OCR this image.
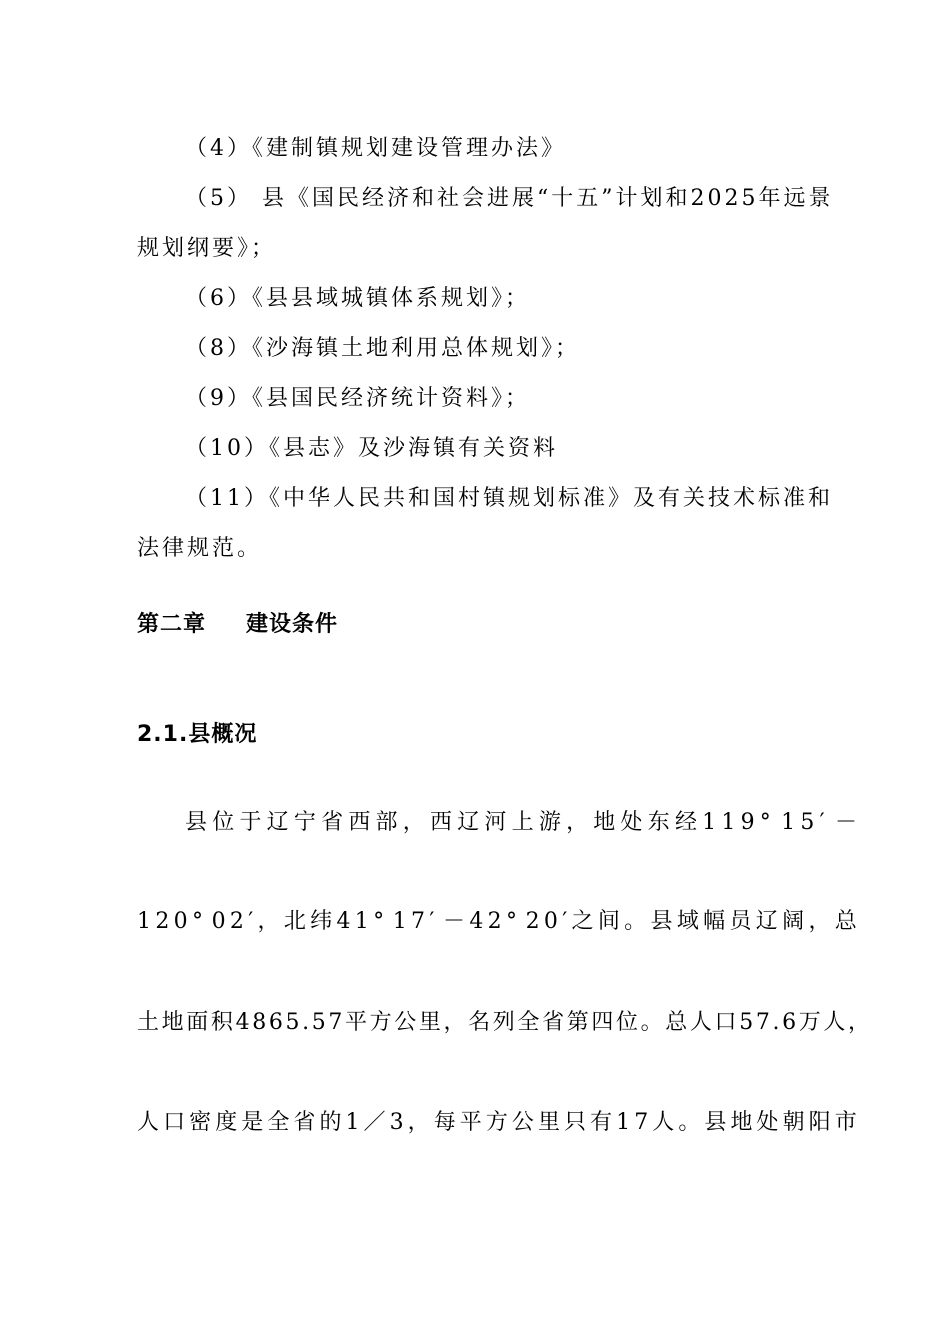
（4）《建制镇规划建设管理办法》
（5） 县《国民经济和社会进展“十五”计划和2025年远景
规划纲要》；
（6）《县县域城镇体系规划》；
（8）《沙海镇土地利用总体规划》；
（9）《县国民经济统计资料》；
（10）《县志》及沙海镇有关资料
（11）《中华人民共和国村镇规划标准》及有关技术标准和
法律规范。
第二章 建设条件
2.1.县概况
县 位 于 辽 宁 省 西 部 ， 西 辽 河 上 游 ， 地 处 东 经 1 1 9 ° 1 5 ′ －
1 2 0 ° 0 2 ′ ， 北 纬 4 1 ° 1 7 ′ － 4 2 ° 2 0 ′ 之 间 。 县 域 幅 员 辽 阔 ， 总
土 地 面 积 4 8 6 5 . 5 7 平 方 公 里 ， 名 列 全 省 第 四 位 。 总 人 口 5 7 . 6 万 人 ，
人 口 密 度 是 全 省 的 1 ／ 3 ， 每 平 方 公 里 只 有 1 7 人 。 县 地 处 朝 阳 市
